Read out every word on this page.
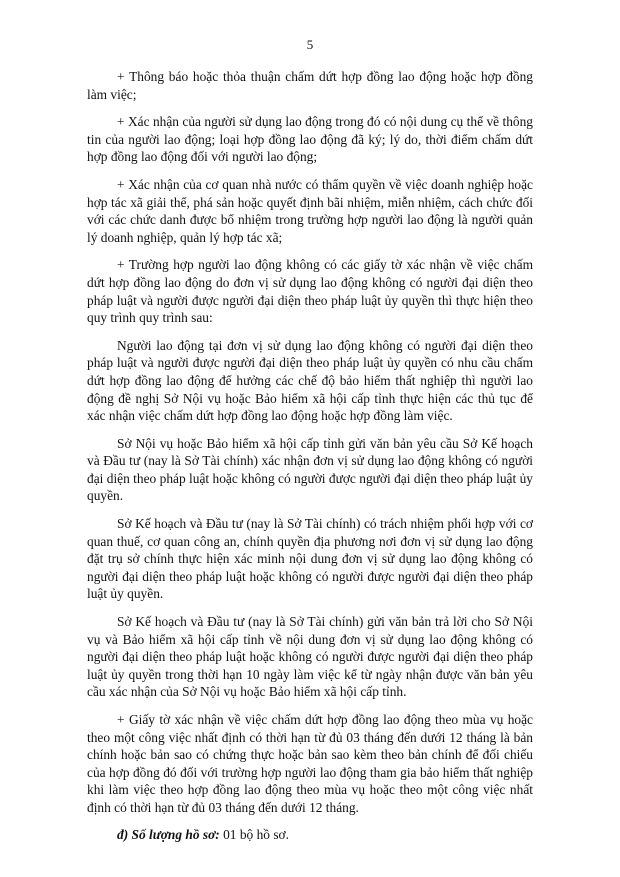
5

+ Thông báo hoặc thỏa thuận chấm dứt hợp đồng lao động hoặc hợp đồng làm việc;

+ Xác nhận của người sử dụng lao động trong đó có nội dung cụ thể về thông tin của người lao động; loại hợp đồng lao động đã ký; lý do, thời điểm chấm dứt hợp đồng lao động đối với người lao động;

+ Xác nhận của cơ quan nhà nước có thẩm quyền về việc doanh nghiệp hoặc hợp tác xã giải thể, phá sản hoặc quyết định bãi nhiệm, miễn nhiệm, cách chức đối với các chức danh được bổ nhiệm trong trường hợp người lao động là người quản lý doanh nghiệp, quản lý hợp tác xã;

+ Trường hợp người lao động không có các giấy tờ xác nhận về việc chấm dứt hợp đồng lao động do đơn vị sử dụng lao động không có người đại diện theo pháp luật và người được người đại diện theo pháp luật ủy quyền thì thực hiện theo quy trình quy trình sau:

Người lao động tại đơn vị sử dụng lao động không có người đại diện theo pháp luật và người được người đại diện theo pháp luật ủy quyền có nhu cầu chấm dứt hợp đồng lao động để hưởng các chế độ bảo hiểm thất nghiệp thì người lao động đề nghị Sở Nội vụ hoặc Bảo hiểm xã hội cấp tỉnh thực hiện các thủ tục để xác nhận việc chấm dứt hợp đồng lao động hoặc hợp đồng làm việc.

Sở Nội vụ hoặc Bảo hiểm xã hội cấp tỉnh gửi văn bản yêu cầu Sở Kế hoạch và Đầu tư (nay là Sở Tài chính) xác nhận đơn vị sử dụng lao động không có người đại diện theo pháp luật hoặc không có người được người đại diện theo pháp luật ủy quyền.

Sở Kế hoạch và Đầu tư (nay là Sở Tài chính) có trách nhiệm phối hợp với cơ quan thuế, cơ quan công an, chính quyền địa phương nơi đơn vị sử dụng lao động đặt trụ sở chính thực hiện xác minh nội dung đơn vị sử dụng lao động không có người đại diện theo pháp luật hoặc không có người được người đại diện theo pháp luật ủy quyền.

Sở Kế hoạch và Đầu tư (nay là Sở Tài chính) gửi văn bản trả lời cho Sở Nội vụ và Bảo hiểm xã hội cấp tỉnh về nội dung đơn vị sử dụng lao động không có người đại diện theo pháp luật hoặc không có người được người đại diện theo pháp luật ủy quyền trong thời hạn 10 ngày làm việc kể từ ngày nhận được văn bản yêu cầu xác nhận của Sở Nội vụ hoặc Bảo hiểm xã hội cấp tỉnh.

+ Giấy tờ xác nhận về việc chấm dứt hợp đồng lao động theo mùa vụ hoặc theo một công việc nhất định có thời hạn từ đủ 03 tháng đến dưới 12 tháng là bản chính hoặc bản sao có chứng thực hoặc bản sao kèm theo bản chính để đối chiếu của hợp đồng đó đối với trường hợp người lao động tham gia bảo hiểm thất nghiệp khi làm việc theo hợp đồng lao động theo mùa vụ hoặc theo một công việc nhất định có thời hạn từ đủ 03 tháng đến dưới 12 tháng.

đ) Số lượng hồ sơ: 01 bộ hồ sơ.
